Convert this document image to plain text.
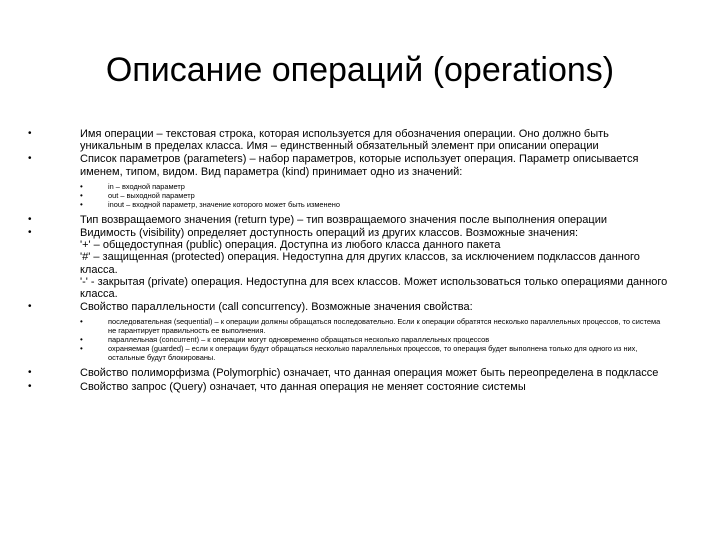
Описание операций (operations)
•	Имя операции – текстовая строка, которая используется для обозначения операции. Оно должно быть уникальным в пределах класса. Имя – единственный обязательный элемент при описании операции

•	Список параметров (parameters) – набор параметров, которые использует операция. Параметр описывается именем, типом, видом. Вид параметра (kind) принимает одно из значений:

•	in – входной параметр

•	out – выходной параметр

•	inout – входной параметр, значение которого может быть изменено

•	Тип возвращаемого значения (return type) – тип возвращаемого значения после выполнения операции

•	Видимость (visibility) определяет доступность операций из других классов. Возможные значения:

'+' – общедоступная (public) операция. Доступна из любого класса данного пакета

'#' – защищенная (protected) операция. Недоступна для других классов, за исключением подклассов данного класса.

'-' - закрытая (private) операция. Недоступна для всех классов. Может использоваться только операциями данного класса.

•	Свойство параллельности (call concurrency). Возможные значения свойства:

•	последовательная (sequential) – к операции должны обращаться последовательно. Если к операции обратятся несколько параллельных процессов, то система не гарантирует правильность ее выполнения.

•	параллельная (concurrent) – к операции могут одновременно обращаться несколько параллельных процессов

•	охраняемая (guarded) – если к операции будут обращаться несколько параллельных процессов, то операция будет выполнена только для одного из них, остальные будут блокированы.

•	Свойство полиморфизма (Polymorphic) означает, что данная операция может быть переопределена в подклассе

•	Свойство запрос (Query) означает, что данная операция не меняет состояние системы
